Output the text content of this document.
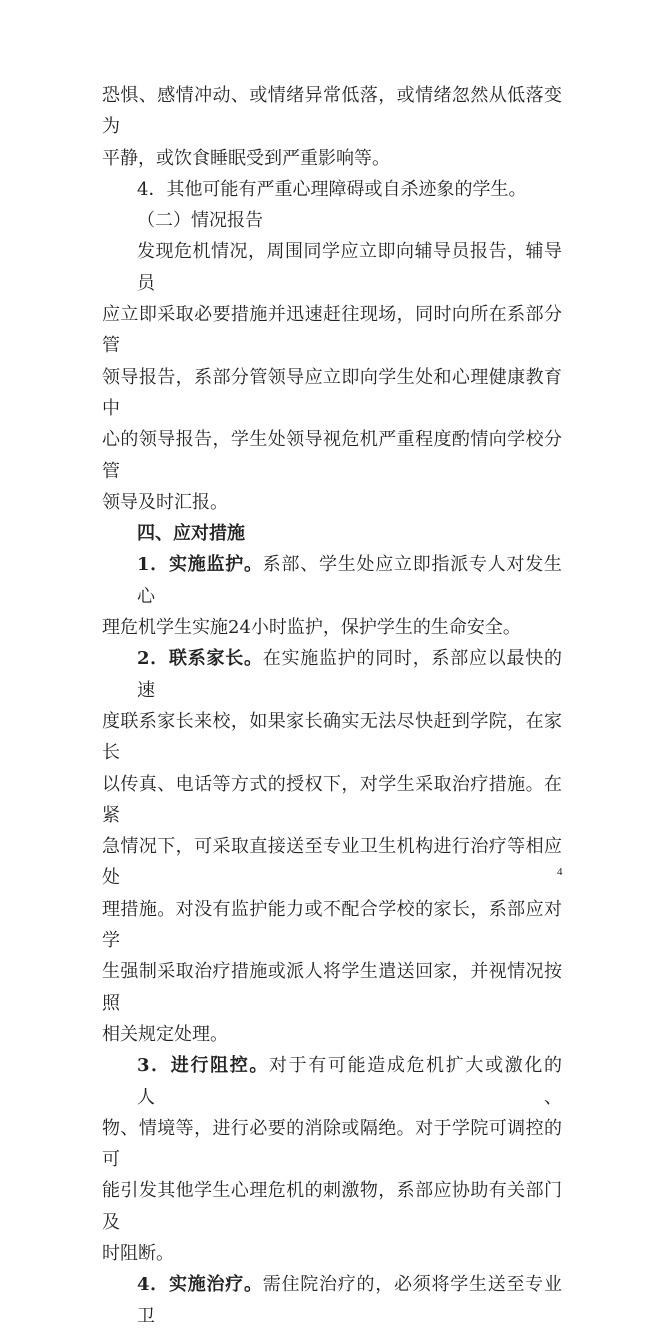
恐惧、感情冲动、或情绪异常低落，或情绪忽然从低落变为
平静，或饮食睡眠受到严重影响等。
4．其他可能有严重心理障碍或自杀迹象的学生。
（二）情况报告
发现危机情况，周围同学应立即向辅导员报告，辅导员
应立即采取必要措施并迅速赶往现场，同时向所在系部分管
领导报告，系部分管领导应立即向学生处和心理健康教育中
心的领导报告，学生处领导视危机严重程度酌情向学校分管
领导及时汇报。
四、应对措施
1．实施监护。系部、学生处应立即指派专人对发生心
理危机学生实施24小时监护，保护学生的生命安全。
2．联系家长。在实施监护的同时，系部应以最快的速
度联系家长来校，如果家长确实无法尽快赶到学院，在家长
以传真、电话等方式的授权下，对学生采取治疗措施。在紧
急情况下，可采取直接送至专业卫生机构进行治疗等相应处
理措施。对没有监护能力或不配合学校的家长，系部应对学
生强制采取治疗措施或派人将学生遣送回家，并视情况按照
相关规定处理。
3．进行阻控。对于有可能造成危机扩大或激化的人、
物、情境等，进行必要的消除或隔绝。对于学院可调控的可
能引发其他学生心理危机的刺激物，系部应协助有关部门及
时阻断。
4．实施治疗。需住院治疗的，必须将学生送至专业卫
4
